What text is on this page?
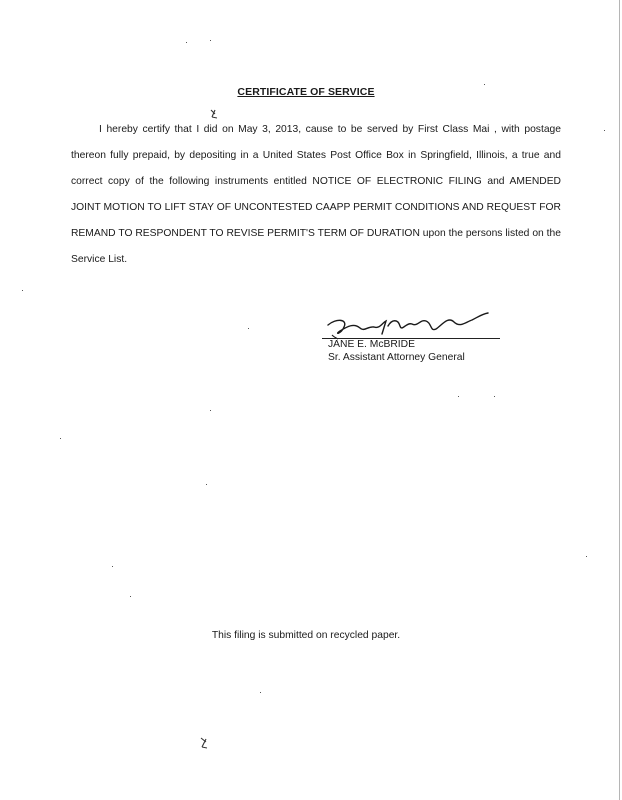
CERTIFICATE OF SERVICE

I hereby certify that I did on May 3, 2013, cause to be served by First Class Mai , with postage thereon fully prepaid, by depositing in a United States Post Office Box in Springfield, Illinois, a true and correct copy of the following instruments entitled NOTICE OF ELECTRONIC FILING and AMENDED JOINT MOTION TO LIFT STAY OF UNCONTESTED CAAPP PERMIT CONDITIONS AND REQUEST FOR REMAND TO RESPONDENT TO REVISE PERMIT'S TERM OF DURATION upon the persons listed on the Service List.

JANE E. McBRIDE
Sr. Assistant Attorney General
This filing is submitted on recycled paper.
